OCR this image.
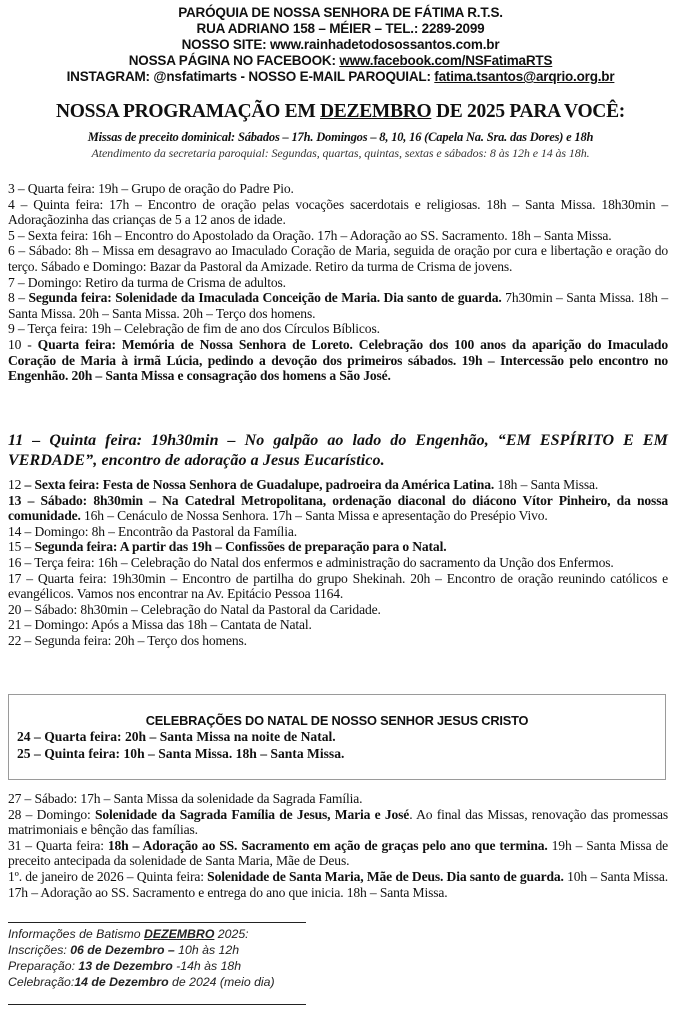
PARÓQUIA DE NOSSA SENHORA DE FÁTIMA R.T.S.
RUA ADRIANO 158 – MÉIER – TEL.: 2289-2099
NOSSO SITE: www.rainhadetodosossantos.com.br
NOSSA PÁGINA NO FACEBOOK: www.facebook.com/NSFatimaRTS
INSTAGRAM: @nsfatimarts - NOSSO E-MAIL PAROQUIAL: fatima.tsantos@arqrio.org.br
NOSSA PROGRAMAÇÃO EM DEZEMBRO DE 2025 PARA VOCÊ:
Missas de preceito dominical: Sábados – 17h. Domingos – 8, 10, 16 (Capela Na. Sra. das Dores) e 18h
Atendimento da secretaria paroquial: Segundas, quartas, quintas, sextas e sábados: 8 às 12h e 14 às 18h.

3 – Quarta feira: 19h – Grupo de oração do Padre Pio.

4 – Quinta feira: 17h – Encontro de oração pelas vocações sacerdotais e religiosas. 18h – Santa Missa. 18h30min – Adoraçãozinha das crianças de 5 a 12 anos de idade.

5 – Sexta feira: 16h – Encontro do Apostolado da Oração. 17h – Adoração ao SS. Sacramento. 18h – Santa Missa.

6 – Sábado: 8h – Missa em desagravo ao Imaculado Coração de Maria, seguida de oração por cura e libertação e oração do terço. Sábado e Domingo: Bazar da Pastoral da Amizade. Retiro da turma de Crisma de jovens.

7 – Domingo: Retiro da turma de Crisma de adultos.

8 – Segunda feira: Solenidade da Imaculada Conceição de Maria. Dia santo de guarda. 7h30min – Santa Missa. 18h – Santa Missa. 20h – Santa Missa. 20h – Terço dos homens.

9 – Terça feira: 19h – Celebração de fim de ano dos Círculos Bíblicos.

10 - Quarta feira: Memória de Nossa Senhora de Loreto. Celebração dos 100 anos da aparição do Imaculado Coração de Maria à irmã Lúcia, pedindo a devoção dos primeiros sábados. 19h – Intercessão pelo encontro no Engenhão. 20h – Santa Missa e consagração dos homens a São José.

11 – Quinta feira: 19h30min – No galpão ao lado do Engenhão, “EM ESPÍRITO E EM VERDADE”, encontro de adoração a Jesus Eucarístico.

12 – Sexta feira: Festa de Nossa Senhora de Guadalupe, padroeira da América Latina. 18h – Santa Missa.

13 – Sábado: 8h30min – Na Catedral Metropolitana, ordenação diaconal do diácono Vítor Pinheiro, da nossa comunidade. 16h – Cenáculo de Nossa Senhora. 17h – Santa Missa e apresentação do Presépio Vivo.

14 – Domingo: 8h – Encontrão da Pastoral da Família.

15 – Segunda feira: A partir das 19h – Confissões de preparação para o Natal.

16 – Terça feira: 16h – Celebração do Natal dos enfermos e administração do sacramento da Unção dos Enfermos.

17 – Quarta feira: 19h30min – Encontro de partilha do grupo Shekinah. 20h – Encontro de oração reunindo católicos e evangélicos. Vamos nos encontrar na Av. Epitácio Pessoa 1164.

20 – Sábado: 8h30min – Celebração do Natal da Pastoral da Caridade.

21 – Domingo: Após a Missa das 18h – Cantata de Natal.

22 – Segunda feira: 20h – Terço dos homens.

CELEBRAÇÕES DO NATAL DE NOSSO SENHOR JESUS CRISTO
24 – Quarta feira: 20h – Santa Missa na noite de Natal.
25 – Quinta feira: 10h – Santa Missa. 18h – Santa Missa.

27 – Sábado: 17h – Santa Missa da solenidade da Sagrada Família.

28 – Domingo: Solenidade da Sagrada Família de Jesus, Maria e José. Ao final das Missas, renovação das promessas matrimoniais e bênção das famílias.

31 – Quarta feira: 18h – Adoração ao SS. Sacramento em ação de graças pelo ano que termina. 19h – Santa Missa de preceito antecipada da solenidade de Santa Maria, Mãe de Deus.

1º. de janeiro de 2026 – Quinta feira: Solenidade de Santa Maria, Mãe de Deus. Dia santo de guarda. 10h – Santa Missa. 17h – Adoração ao SS. Sacramento e entrega do ano que inicia. 18h – Santa Missa.

Informações de Batismo DEZEMBRO 2025:
Inscrições: 06 de Dezembro – 10h às 12h
Preparação: 13 de Dezembro -14h às 18h
Celebração:14 de Dezembro de 2024 (meio dia)
